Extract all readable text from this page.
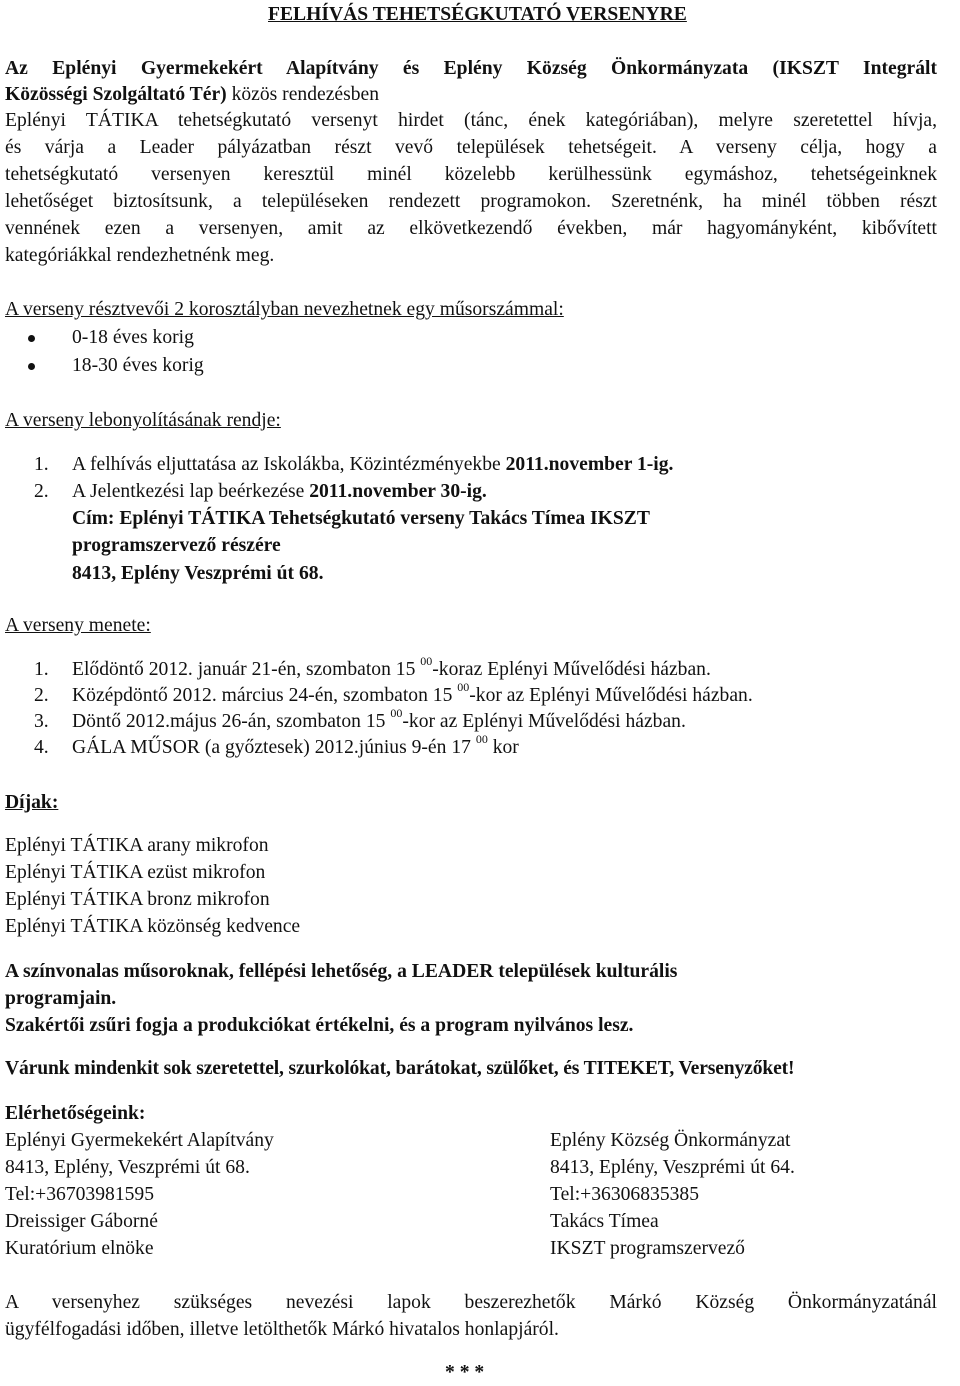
FELHÍVÁS TEHETSÉGKUTATÓ VERSENYRE
Az Eplényi Gyermekekért Alapítvány és Eplény Község Önkormányzata (IKSZT Integrált
Közösségi Szolgáltató Tér) közös rendezésben
Eplényi TÁTIKA tehetségkutató versenyt hirdet (tánc, ének kategóriában), melyre szeretettel hívja,
és várja a Leader pályázatban részt vevő települések tehetségeit. A verseny célja, hogy a
tehetségkutató versenyen keresztül minél közelebb kerülhessünk egymáshoz, tehetségeinknek
lehetőséget biztosítsunk, a településeken rendezett programokon. Szeretnénk, ha minél többen részt
vennének ezen a versenyen, amit az elkövetkezendő években, már hagyományként, kibővített
kategóriákkal rendezhetnénk meg.
A verseny résztvevői 2 korosztályban nevezhetnek egy műsorszámmal:
0-18 éves korig
18-30 éves korig
A verseny lebonyolításának rendje:
1. A felhívás eljuttatása az Iskolákba, Közintézményekbe 2011.november 1-ig.
2. A Jelentkezési lap beérkezése 2011.november 30-ig.
Cím: Eplényi TÁTIKA Tehetségkutató verseny Takács Tímea IKSZT
programszervező részére
8413, Eplény Veszprémi út 68.
A verseny menete:
1. Elődöntő 2012. január 21-én, szombaton 15 $^{00}$-koraz Eplényi Művelődési házban.
2. Középdöntő 2012. március 24-én, szombaton 15 $^{00}$-kor az Eplényi Művelődési házban.
3. Döntő 2012.május 26-án, szombaton 15 $^{00}$-kor az Eplényi Művelődési házban.
4. GÁLA MŰSOR (a győztesek) 2012.június 9-én 17 $^{00}$ kor
Díjak:
Eplényi TÁTIKA arany mikrofon
Eplényi TÁTIKA ezüst mikrofon
Eplényi TÁTIKA bronz mikrofon
Eplényi TÁTIKA közönség kedvence
A színvonalas műsoroknak, fellépési lehetőség, a LEADER települések kulturális
programjain.
Szakértői zsűri fogja a produkciókat értékelni, és a program nyilvános lesz.
Várunk mindenkit sok szeretettel, szurkolókat, barátokat, szülőket, és TITEKET, Versenyzőket!
Elérhetőségeink:
Eplényi Gyermekekért Alapítvány
8413, Eplény, Veszprémi út 68.
Tel:+36703981595
Dreissiger Gáborné
Kuratórium elnöke
Eplény Község Önkormányzat
8413, Eplény, Veszprémi út 64.
Tel:+36306835385
Takács Tímea
IKSZT programszervező
A versenyhez szükséges nevezési lapok beszerezhetők Márkó Község Önkormányzatánál
ügyfélfogadási időben, illetve letölthetők Márkó hivatalos honlapjáról.
* * *
